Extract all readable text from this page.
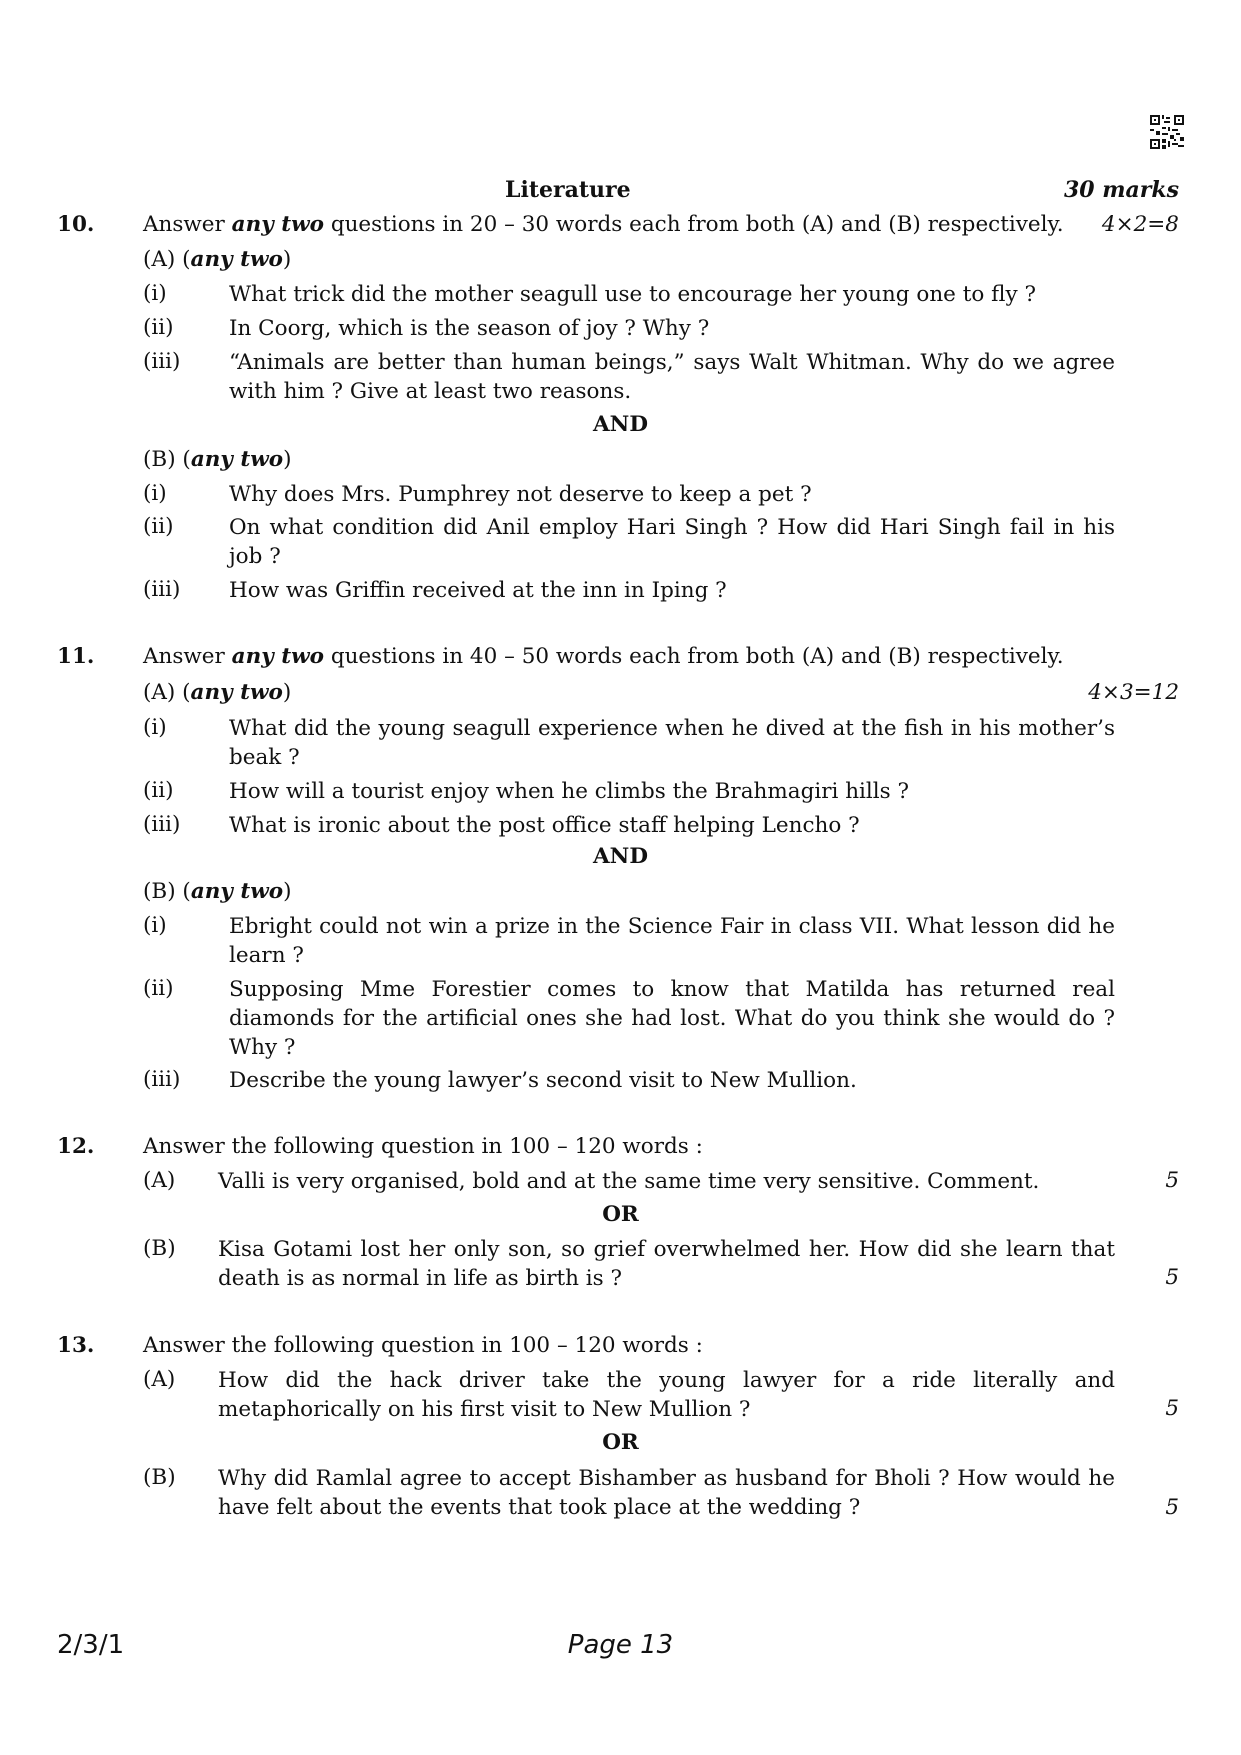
Literature	30 marks
10. Answer any two questions in 20 – 30 words each from both (A) and (B) respectively. 4×2=8
(A) (any two)
(i)	What trick did the mother seagull use to encourage her young one to fly ?
(ii)	In Coorg, which is the season of joy ? Why ?
(iii) “Animals are better than human beings,” says Walt Whitman. Why do we agree with him ? Give at least two reasons.
AND
(B) (any two)
(i)	Why does Mrs. Pumphrey not deserve to keep a pet ?
(ii)	On what condition did Anil employ Hari Singh ? How did Hari Singh fail in his job ?
(iii) How was Griffin received at the inn in Iping ?
11. Answer any two questions in 40 – 50 words each from both (A) and (B) respectively.
(A) (any two)	4×3=12
(i)	What did the young seagull experience when he dived at the fish in his mother’s beak ?
(ii)	How will a tourist enjoy when he climbs the Brahmagiri hills ?
(iii) What is ironic about the post office staff helping Lencho ?
AND
(B) (any two)
(i)	Ebright could not win a prize in the Science Fair in class VII. What lesson did he learn ?
(ii)	Supposing Mme Forestier comes to know that Matilda has returned real diamonds for the artificial ones she had lost. What do you think she would do ? Why ?
(iii) Describe the young lawyer’s second visit to New Mullion.
12. Answer the following question in 100 – 120 words :
(A) Valli is very organised, bold and at the same time very sensitive. Comment.	5
OR
(B) Kisa Gotami lost her only son, so grief overwhelmed her. How did she learn that death is as normal in life as birth is ?	5
13. Answer the following question in 100 – 120 words :
(A) How did the hack driver take the young lawyer for a ride literally and metaphorically on his first visit to New Mullion ?	5
OR
(B) Why did Ramlal agree to accept Bishamber as husband for Bholi ? How would he have felt about the events that took place at the wedding ?	5
2/3/1	Page 13
